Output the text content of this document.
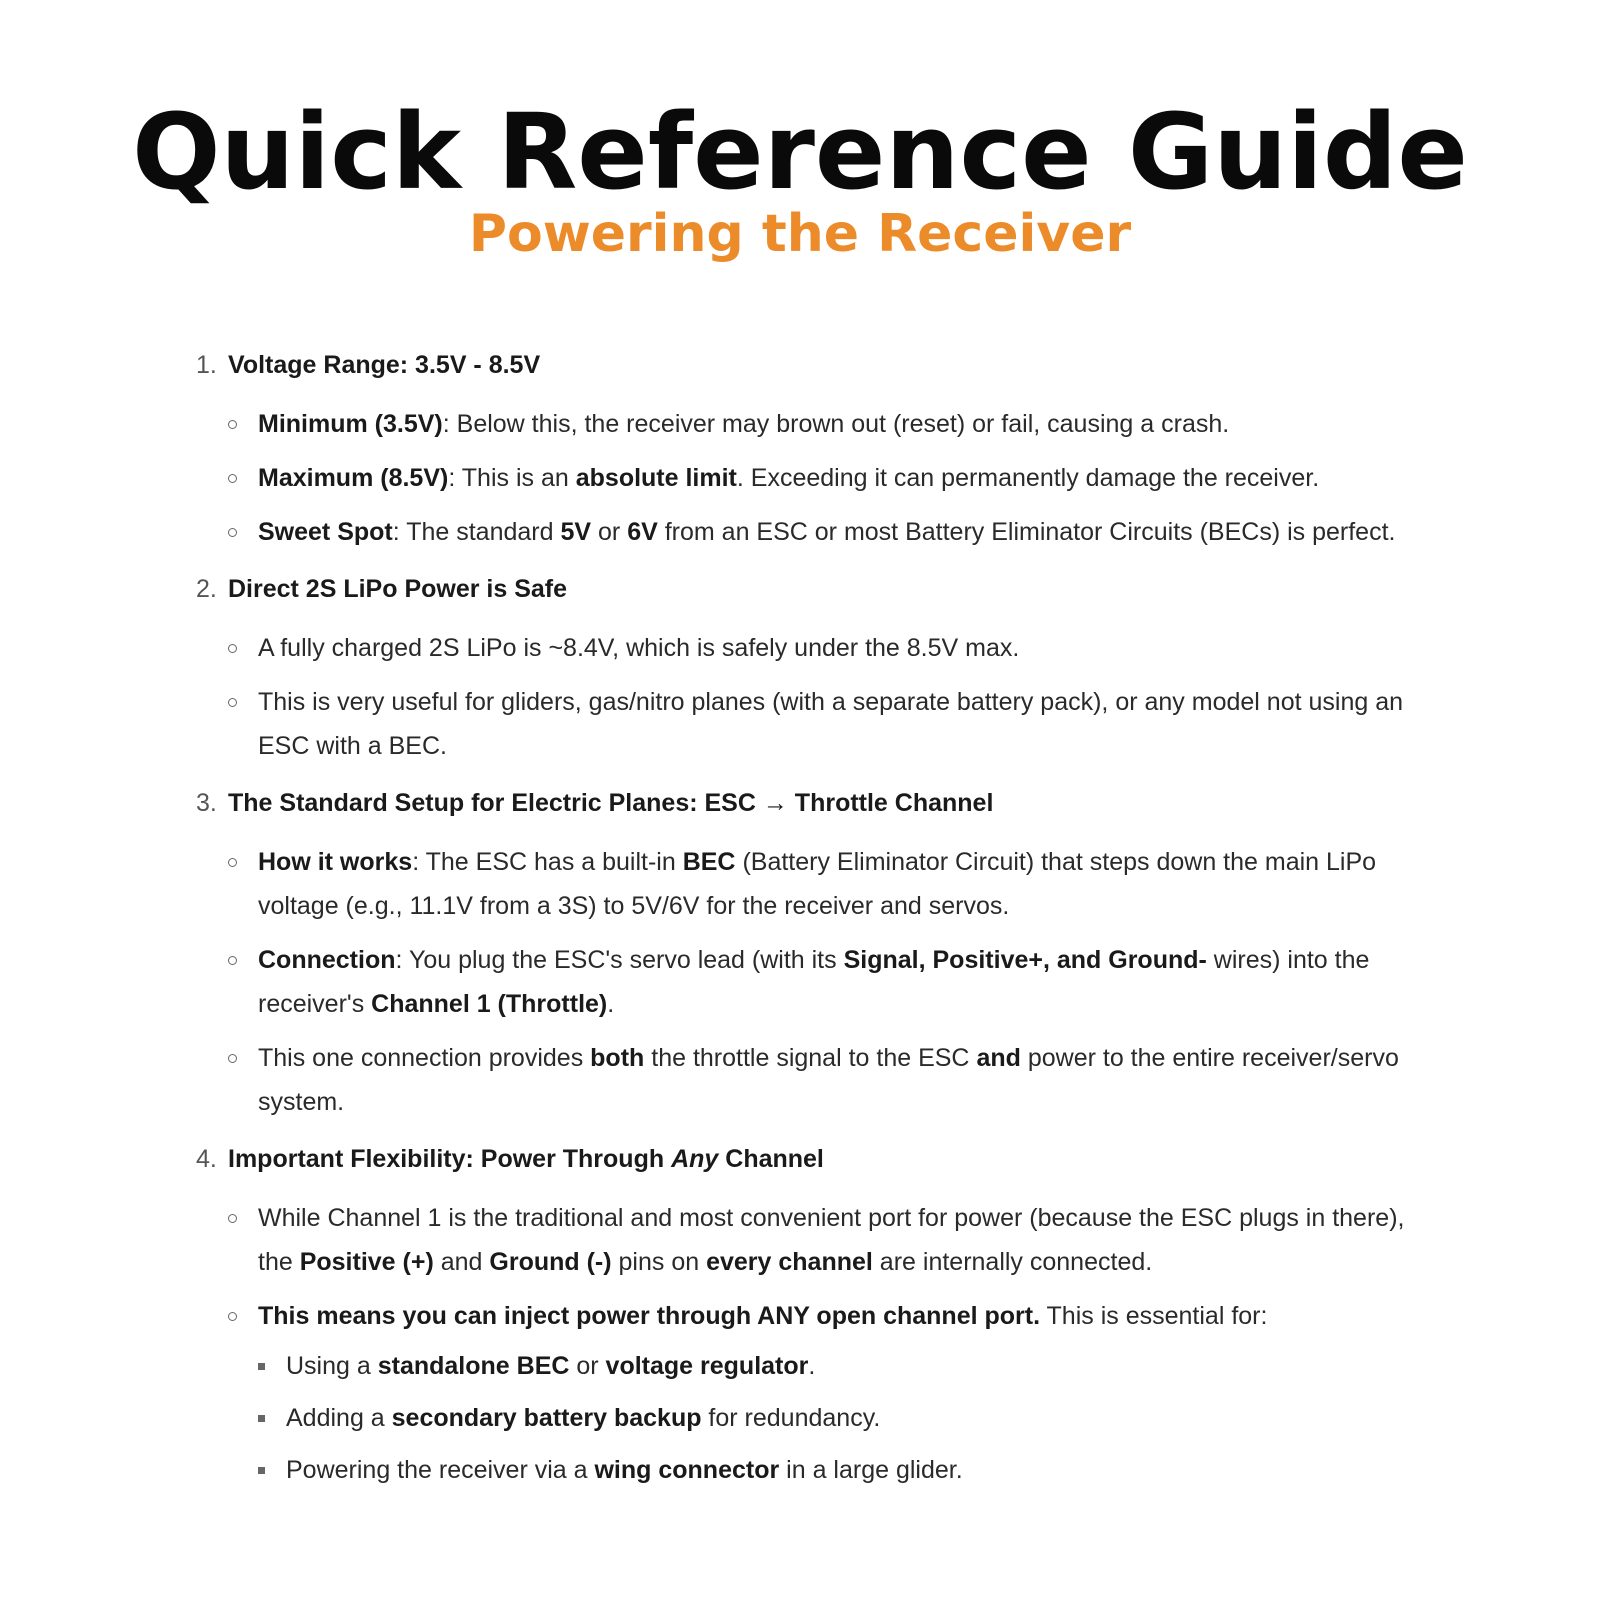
Quick Reference Guide
Powering the Receiver
1. Voltage Range: 3.5V - 8.5V
Minimum (3.5V): Below this, the receiver may brown out (reset) or fail, causing a crash.
Maximum (8.5V): This is an absolute limit. Exceeding it can permanently damage the receiver.
Sweet Spot: The standard 5V or 6V from an ESC or most Battery Eliminator Circuits (BECs) is perfect.
2. Direct 2S LiPo Power is Safe
A fully charged 2S LiPo is ~8.4V, which is safely under the 8.5V max.
This is very useful for gliders, gas/nitro planes (with a separate battery pack), or any model not using an ESC with a BEC.
3. The Standard Setup for Electric Planes: ESC → Throttle Channel
How it works: The ESC has a built-in BEC (Battery Eliminator Circuit) that steps down the main LiPo voltage (e.g., 11.1V from a 3S) to 5V/6V for the receiver and servos.
Connection: You plug the ESC's servo lead (with its Signal, Positive+, and Ground- wires) into the receiver's Channel 1 (Throttle).
This one connection provides both the throttle signal to the ESC and power to the entire receiver/servo system.
4. Important Flexibility: Power Through Any Channel
While Channel 1 is the traditional and most convenient port for power (because the ESC plugs in there), the Positive (+) and Ground (-) pins on every channel are internally connected.
This means you can inject power through ANY open channel port. This is essential for:
Using a standalone BEC or voltage regulator.
Adding a secondary battery backup for redundancy.
Powering the receiver via a wing connector in a large glider.
